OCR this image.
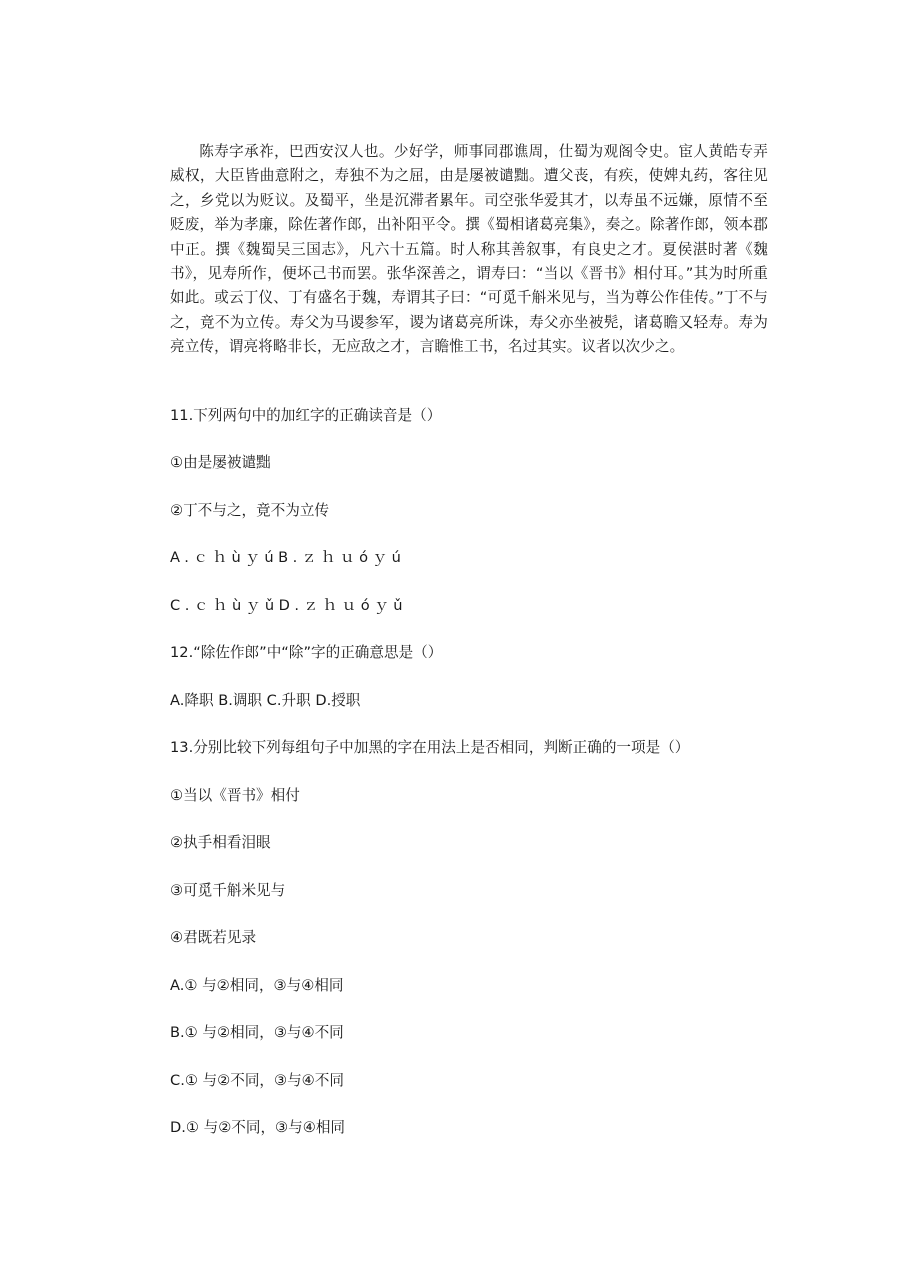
陈寿字承祚，巴西安汉人也。少好学，师事同郡谯周，仕蜀为观阁令史。宦人黄皓专弄威权，大臣皆曲意附之，寿独不为之屈，由是屡被谴黜。遭父丧，有疾，使婢丸药，客往见之，乡党以为贬议。及蜀平，坐是沉滞者累年。司空张华爱其才，以寿虽不远嫌，原情不至贬废，举为孝廉，除佐著作郎，出补阳平令。撰《蜀相诸葛亮集》，奏之。除著作郎，领本郡中正。撰《魏蜀吴三国志》，凡六十五篇。时人称其善叙事，有良史之才。夏侯湛时著《魏书》，见寿所作，便坏己书而罢。张华深善之，谓寿曰：“当以《晋书》相付耳。”其为时所重如此。或云丁仪、丁有盛名于魏，寿谓其子曰：“可觅千斛米见与，当为尊公作佳传。”丁不与之，竟不为立传。寿父为马谡参军，谡为诸葛亮所诛，寿父亦坐被髡，诸葛瞻又轻寿。寿为亮立传，谓亮将略非长，无应敌之才，言瞻惟工书，名过其实。议者以次少之。

11.下列两句中的加红字的正确读音是（）

①由是屡被谴黜

②丁不与之，竟不为立传

A.ｃｈùｙúB.ｚｈｕóｙú

C.ｃｈùｙǔD.ｚｈｕóｙǔ

12.“除佐作郎”中“除”字的正确意思是（）

A.降职 B.调职 C.升职 D.授职

13.分别比较下列每组句子中加黑的字在用法上是否相同，判断正确的一项是（）

①当以《晋书》相付

②执手相看泪眼

③可觅千斛米见与

④君既若见录

A.① 与②相同，③与④相同

B.① 与②相同，③与④不同

C.① 与②不同，③与④不同

D.① 与②不同，③与④相同
